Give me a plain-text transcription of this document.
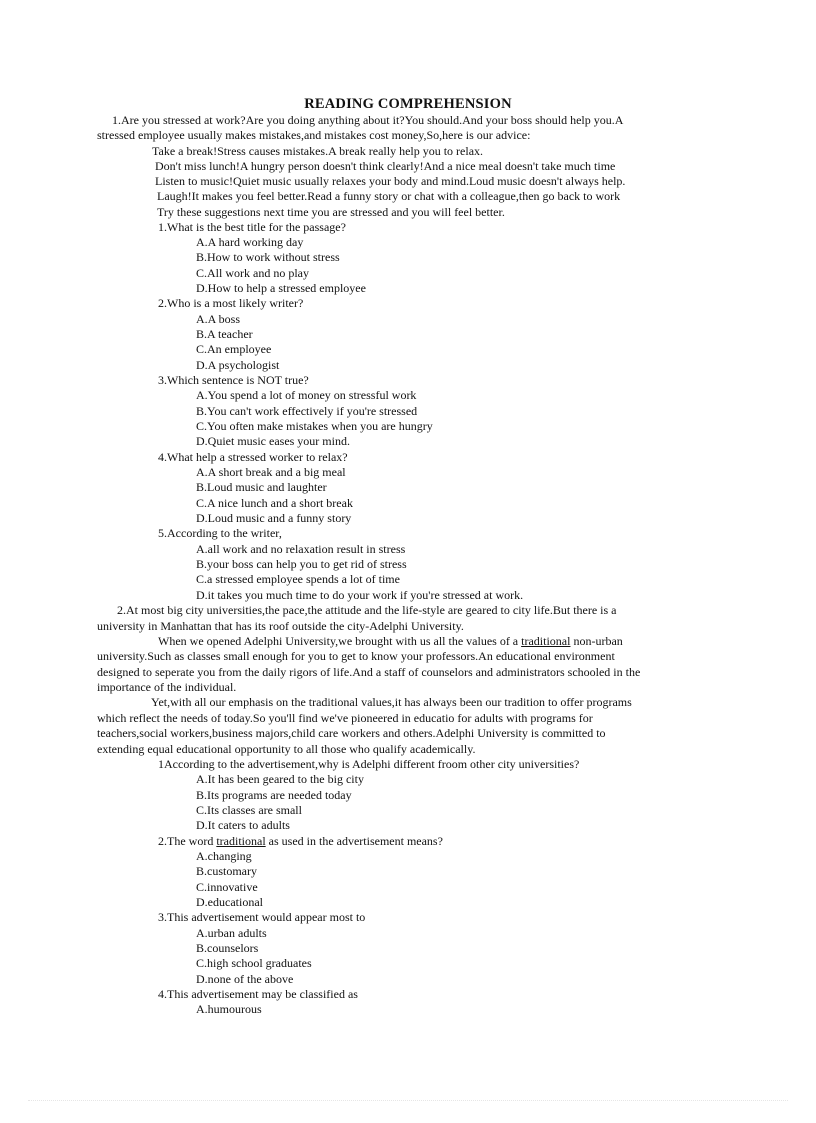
READING COMPREHENSION
1.Are you stressed at work?Are you doing anything about it?You should.And your boss should help you.A
stressed employee usually makes mistakes,and mistakes cost money,So,here is our advice:
Take a break!Stress causes mistakes.A break really help you to relax.
Don't miss lunch!A hungry person doesn't think clearly!And a nice meal doesn't take much time
Listen to music!Quiet music usually relaxes your body and mind.Loud music doesn't always help.
Laugh!It makes you feel better.Read a funny story or chat with a colleague,then go back to work
Try these suggestions next time you are stressed and you will feel better.
1.What is the best title for the passage?
A.A hard working day
B.How to work without stress
C.All work and no play
D.How to help a stressed employee
2.Who is a most likely writer?
A.A boss
B.A teacher
C.An employee
D.A psychologist
3.Which sentence is NOT true?
A.You spend a lot of money on stressful work
B.You can't work effectively if you're stressed
C.You often make mistakes when you are hungry
D.Quiet music eases your mind.
4.What help a stressed worker to relax?
A.A short break and a big meal
B.Loud music and laughter
C.A nice lunch and a short break
D.Loud music and a funny story
5.According to the writer,
A.all work and no relaxation result in stress
B.your boss can help you to get rid of stress
C.a stressed employee spends a lot of time
D.it takes you much time to do your work if you're stressed at work.
2.At most big city universities,the pace,the attitude and the life-style are geared to city life.But there is a
university in Manhattan that has its roof outside the city-Adelphi University.
When we opened Adelphi University,we brought with us all the values of a traditional non-urban
university.Such as classes small enough for you to get to know your professors.An educational environment
designed to seperate you from the daily rigors of life.And a staff of counselors and administrators schooled in the
importance of the individual.
Yet,with all our emphasis on the traditional values,it has always been our tradition to offer programs
which reflect the needs of today.So you'll find we've pioneered in educatio for adults with programs for
teachers,social workers,business majors,child care workers and others.Adelphi University is committed to
extending equal educational opportunity to all those who qualify academically.
1According to the advertisement,why is Adelphi different froom other city universities?
A.It has been geared to the big city
B.Its programs are needed today
C.Its classes are small
D.It caters to adults
2.The word traditional as used in the advertisement means?
A.changing
B.customary
C.innovative
D.educational
3.This advertisement would appear most to
A.urban adults
B.counselors
C.high school graduates
D.none of the above
4.This advertisement may be classified as
A.humourous
